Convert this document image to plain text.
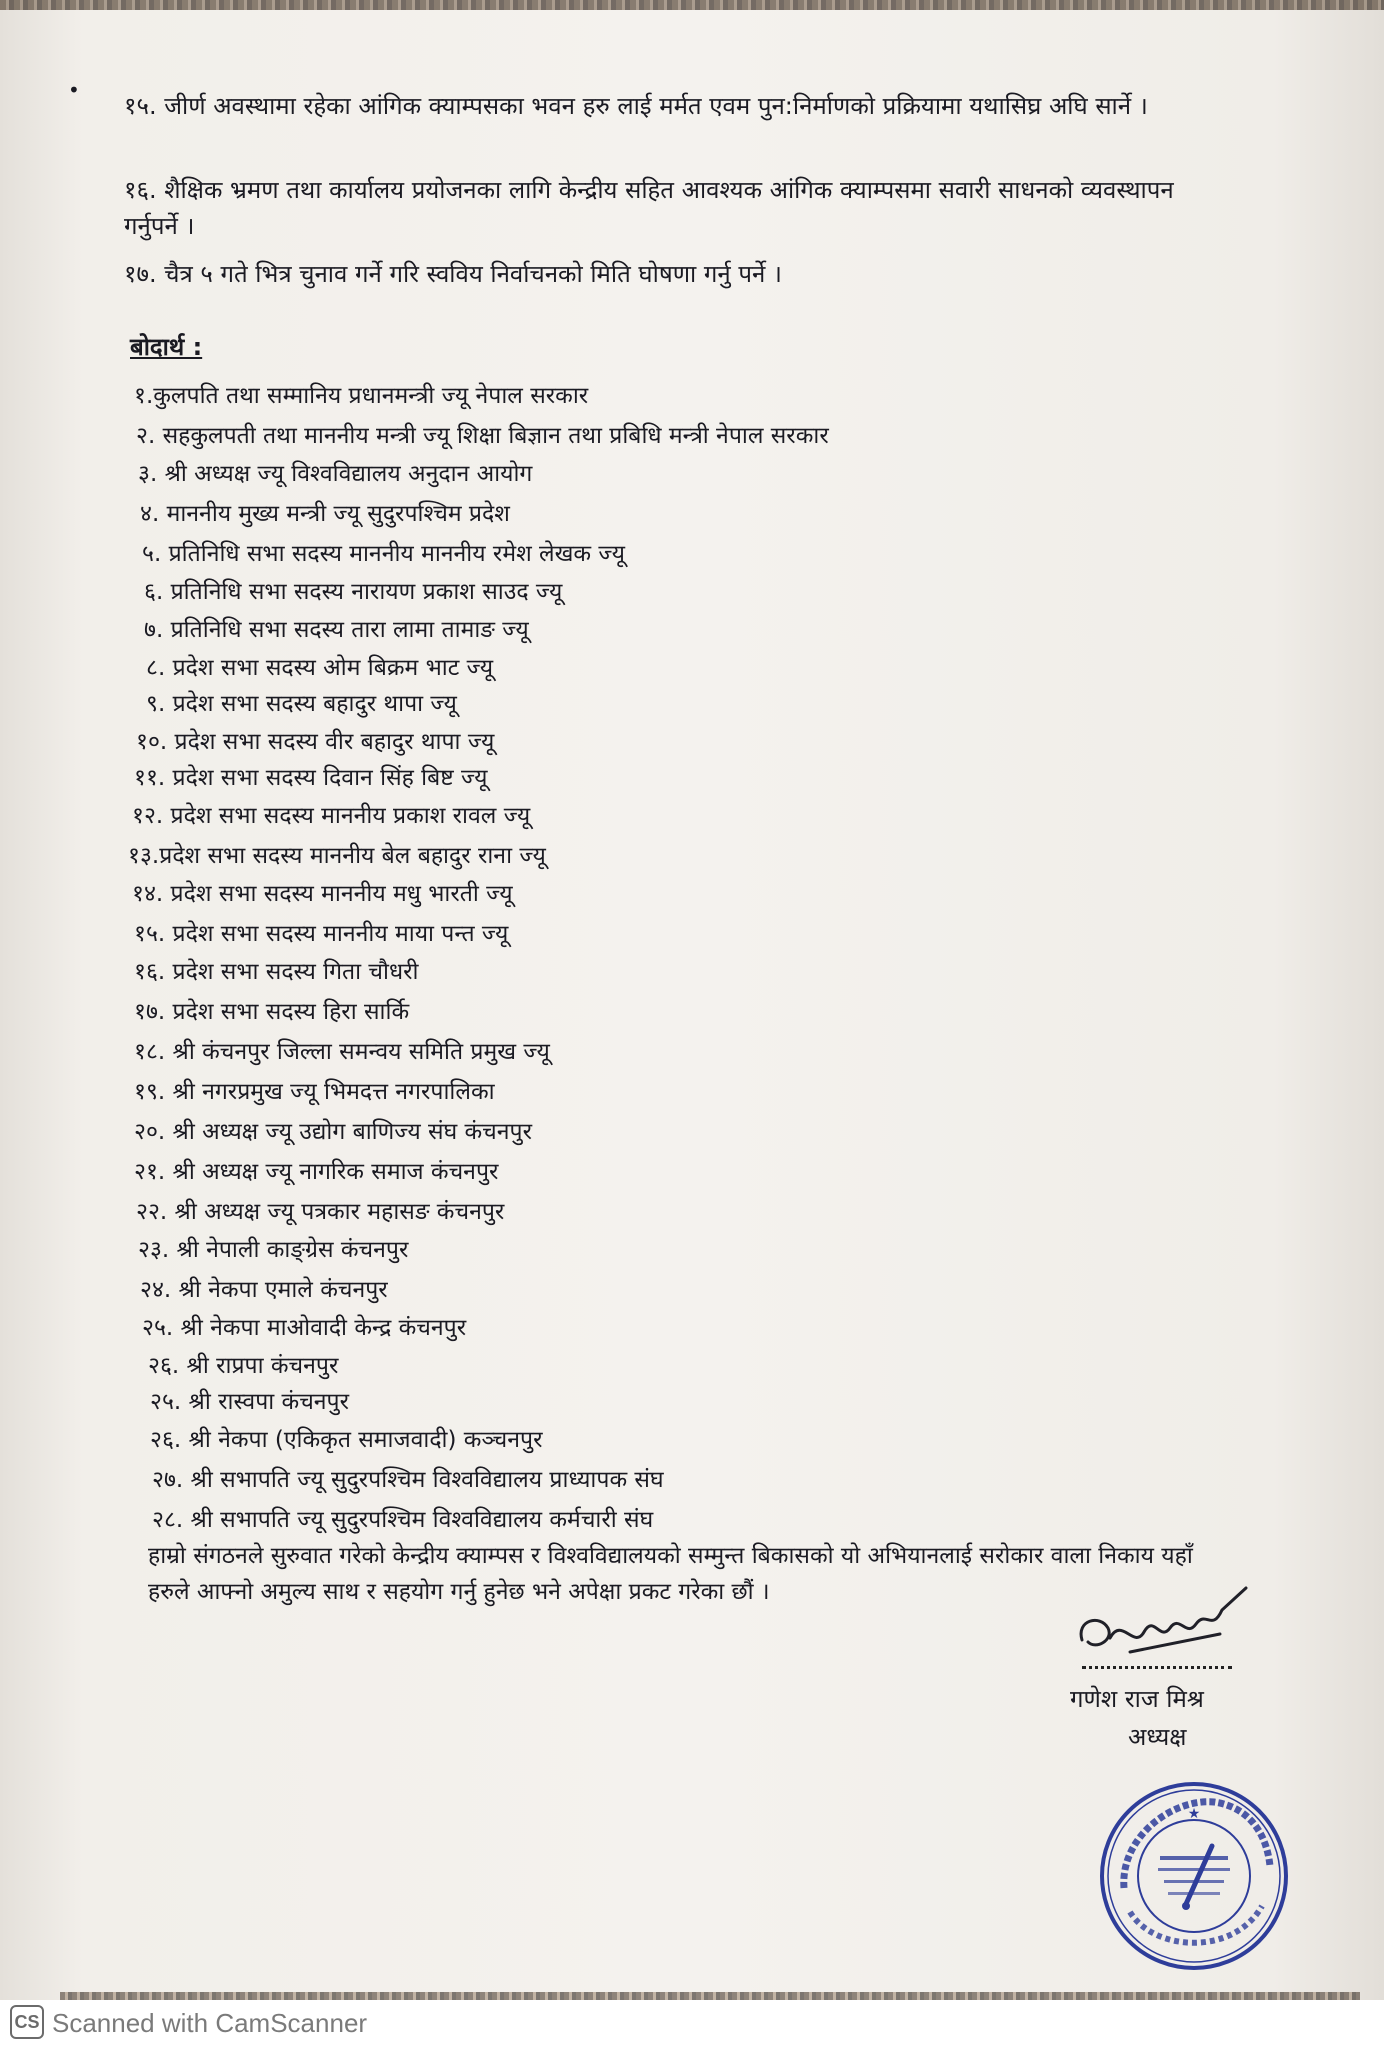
•
१५. जीर्ण अवस्थामा रहेका आंगिक क्याम्पसका भवन हरु लाई मर्मत एवम पुन:निर्माणको प्रक्रियामा यथासिघ्र अघि सार्ने ।
१६. शैक्षिक भ्रमण तथा कार्यालय प्रयोजनका लागि केन्द्रीय सहित आवश्यक आंगिक क्याम्पसमा सवारी साधनको व्यवस्थापन गर्नुपर्ने ।
१७. चैत्र ५ गते भित्र चुनाव गर्ने गरि स्वविय निर्वाचनको मिति घोषणा गर्नु पर्ने ।
बोदार्थ :
१.कुलपति तथा सम्मानिय प्रधानमन्त्री ज्यू नेपाल सरकार
२. सहकुलपती तथा माननीय मन्त्री ज्यू शिक्षा बिज्ञान तथा प्रबिधि मन्त्री नेपाल सरकार
३. श्री अध्यक्ष ज्यू विश्वविद्यालय अनुदान आयोग
४. माननीय मुख्य मन्त्री ज्यू सुदुरपश्चिम प्रदेश
५. प्रतिनिधि सभा सदस्य माननीय माननीय रमेश लेखक ज्यू
६. प्रतिनिधि सभा सदस्य नारायण प्रकाश साउद ज्यू
७. प्रतिनिधि सभा सदस्य तारा लामा तामाङ ज्यू
८. प्रदेश सभा सदस्य ओम बिक्रम भाट ज्यू
९. प्रदेश सभा सदस्य बहादुर थापा ज्यू
१०. प्रदेश सभा सदस्य वीर बहादुर थापा ज्यू
११. प्रदेश सभा सदस्य दिवान सिंह बिष्ट ज्यू
१२. प्रदेश सभा सदस्य माननीय प्रकाश रावल ज्यू
१३.प्रदेश सभा सदस्य माननीय बेल बहादुर राना ज्यू
१४. प्रदेश सभा सदस्य माननीय मधु भारती ज्यू
१५. प्रदेश सभा सदस्य माननीय माया पन्त ज्यू
१६. प्रदेश सभा सदस्य गिता चौधरी
१७. प्रदेश सभा सदस्य हिरा सार्कि
१८. श्री कंचनपुर जिल्ला समन्वय समिति प्रमुख ज्यू
१९. श्री नगरप्रमुख ज्यू भिमदत्त नगरपालिका
२०. श्री अध्यक्ष ज्यू उद्योग बाणिज्य संघ कंचनपुर
२१. श्री अध्यक्ष ज्यू नागरिक समाज कंचनपुर
२२. श्री अध्यक्ष ज्यू पत्रकार महासङ कंचनपुर
२३. श्री नेपाली काङ्ग्रेस कंचनपुर
२४. श्री नेकपा एमाले कंचनपुर
२५. श्री नेकपा माओवादी केन्द्र कंचनपुर
२६. श्री राप्रपा कंचनपुर
२५. श्री रास्वपा कंचनपुर
२६. श्री नेकपा (एकिकृत समाजवादी) कञ्चनपुर
२७. श्री सभापति ज्यू सुदुरपश्चिम विश्वविद्यालय प्राध्यापक संघ
२८. श्री सभापति ज्यू सुदुरपश्चिम विश्वविद्यालय कर्मचारी संघ
हाम्रो संगठनले सुरुवात गरेको केन्द्रीय क्याम्पस र विश्वविद्यालयको सम्मुन्त बिकासको यो अभियानलाई सरोकार वाला निकाय यहाँ हरुले आफ्नो अमुल्य साथ र सहयोग गर्नु हुनेछ भने अपेक्षा प्रकट गरेका छौं ।
गणेश राज मिश्र
अध्यक्ष
★
CS Scanned with CamScanner
